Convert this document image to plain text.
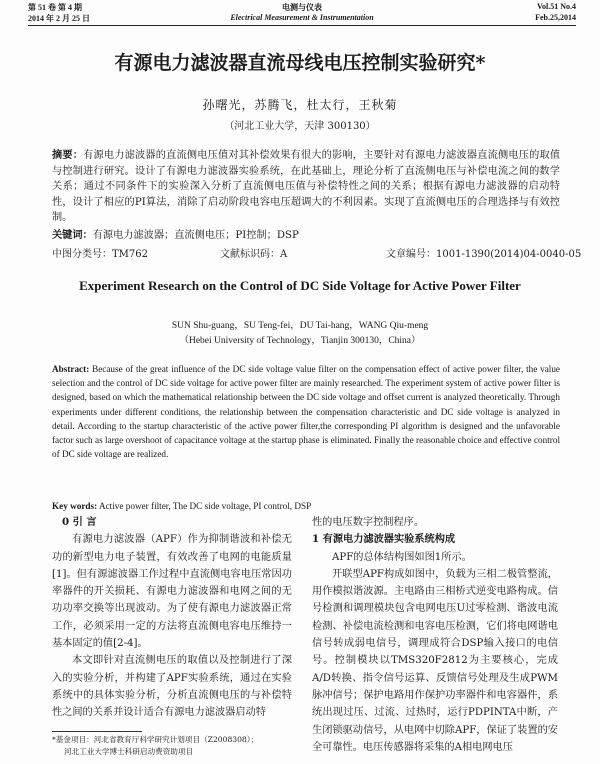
第 51 卷 第 4 期
2014 年 2 月 25 日
电测与仪表
Electrical Measurement & Instrumentation
Vol.51 No.4
Feb.25,2014
有源电力滤波器直流母线电压控制实验研究*
孙曙光，苏腾飞，杜太行，王秋菊
（河北工业大学，天津 300130）
摘要：有源电力滤波器的直流侧电压值对其补偿效果有很大的影响，主要针对有源电力滤波器直流侧电压的取值与控制进行研究。设计了有源电力滤波器实验系统，在此基础上，理论分析了直流侧电压与补偿电流之间的数学关系；通过不同条件下的实验深入分析了直流侧电压值与补偿特性之间的关系；根据有源电力滤波器的启动特性，设计了相应的PI算法，消除了启动阶段电容电压超调大的不利因素。实现了直流侧电压的合理选择与有效控制。
关键词：有源电力滤波器；直流侧电压；PI控制；DSP
中图分类号：TM762	文献标识码：A	文章编号：1001-1390(2014)04-0040-05
Experiment Research on the Control of DC Side Voltage for Active Power Filter
SUN Shu-guang，SU Teng-fei，DU Tai-hang，WANG Qiu-meng
（Hebei University of Technology，Tianjin 300130，China）
Abstract: Because of the great influence of the DC side voltage value filter on the compensation effect of active power filter, the value selection and the control of DC side voltage for active power filter are mainly researched. The experiment system of active power filter is designed, based on which the mathematical relationship between the DC side voltage and offset current is analyzed theoretically. Through experiments under different conditions, the relationship between the compensation characteristic and DC side voltage is analyzed in detail. According to the startup characteristic of the active power filter,the corresponding PI algorithm is designed and the unfavorable factor such as large overshoot of capacitance voltage at the startup phase is eliminated. Finally the reasonable choice and effective control of DC side voltage are realized.
Key words: Active power filter, The DC side voltage, PI control, DSP
0 引 言
有源电力滤波器（APF）作为抑制谐波和补偿无功的新型电力电子装置，有效改善了电网的电能质量[1]。但有源滤波器工作过程中直流侧电容电压常因功率器件的开关损耗、有源电力滤波器和电网之间的无功功率交换等出现波动。为了使有源电力滤波器正常工作，必须采用一定的方法将直流侧电容电压维持一基本固定的值[2-4]。
本文即针对直流侧电压的取值以及控制进行了深入的实验分析，并构建了APF实验系统，通过在实验系统中的具体实验分析，分析直流侧电压的与补偿特性之间的关系并设计适合有源电力滤波器启动特
*基金项目：河北省教育厅科学研究计划项目（Z2008308）；
河北工业大学博士科研启动费资助项目
性的电压数字控制程序。
1 有源电力滤波器实验系统构成
APF的总体结构图如图1所示。
开联型APF构成如图中，负载为三相二极管整流，用作模拟谐波源。主电路由三相桥式逆变电路构成。信号检测和调理模块包含电网电压U过零检测、谐波电流检测、补偿电流检测和电容电压检测，它们将电网谐电信号转成弱电信号，调理成符合DSP输入接口的电信号。控制模块以TMS320F2812为主要核心，完成A/D转换、指令信号运算、反馈信号处理及生成PWM脉冲信号；保护电路用作保护功率器件和电容器件，系统出现过压、过流、过热时，运行PDPINTA中断，产生闭锁驱动信号，从电网中切除APF，保证了装置的安全可靠性。电压传感器将采集的A相电网电压
